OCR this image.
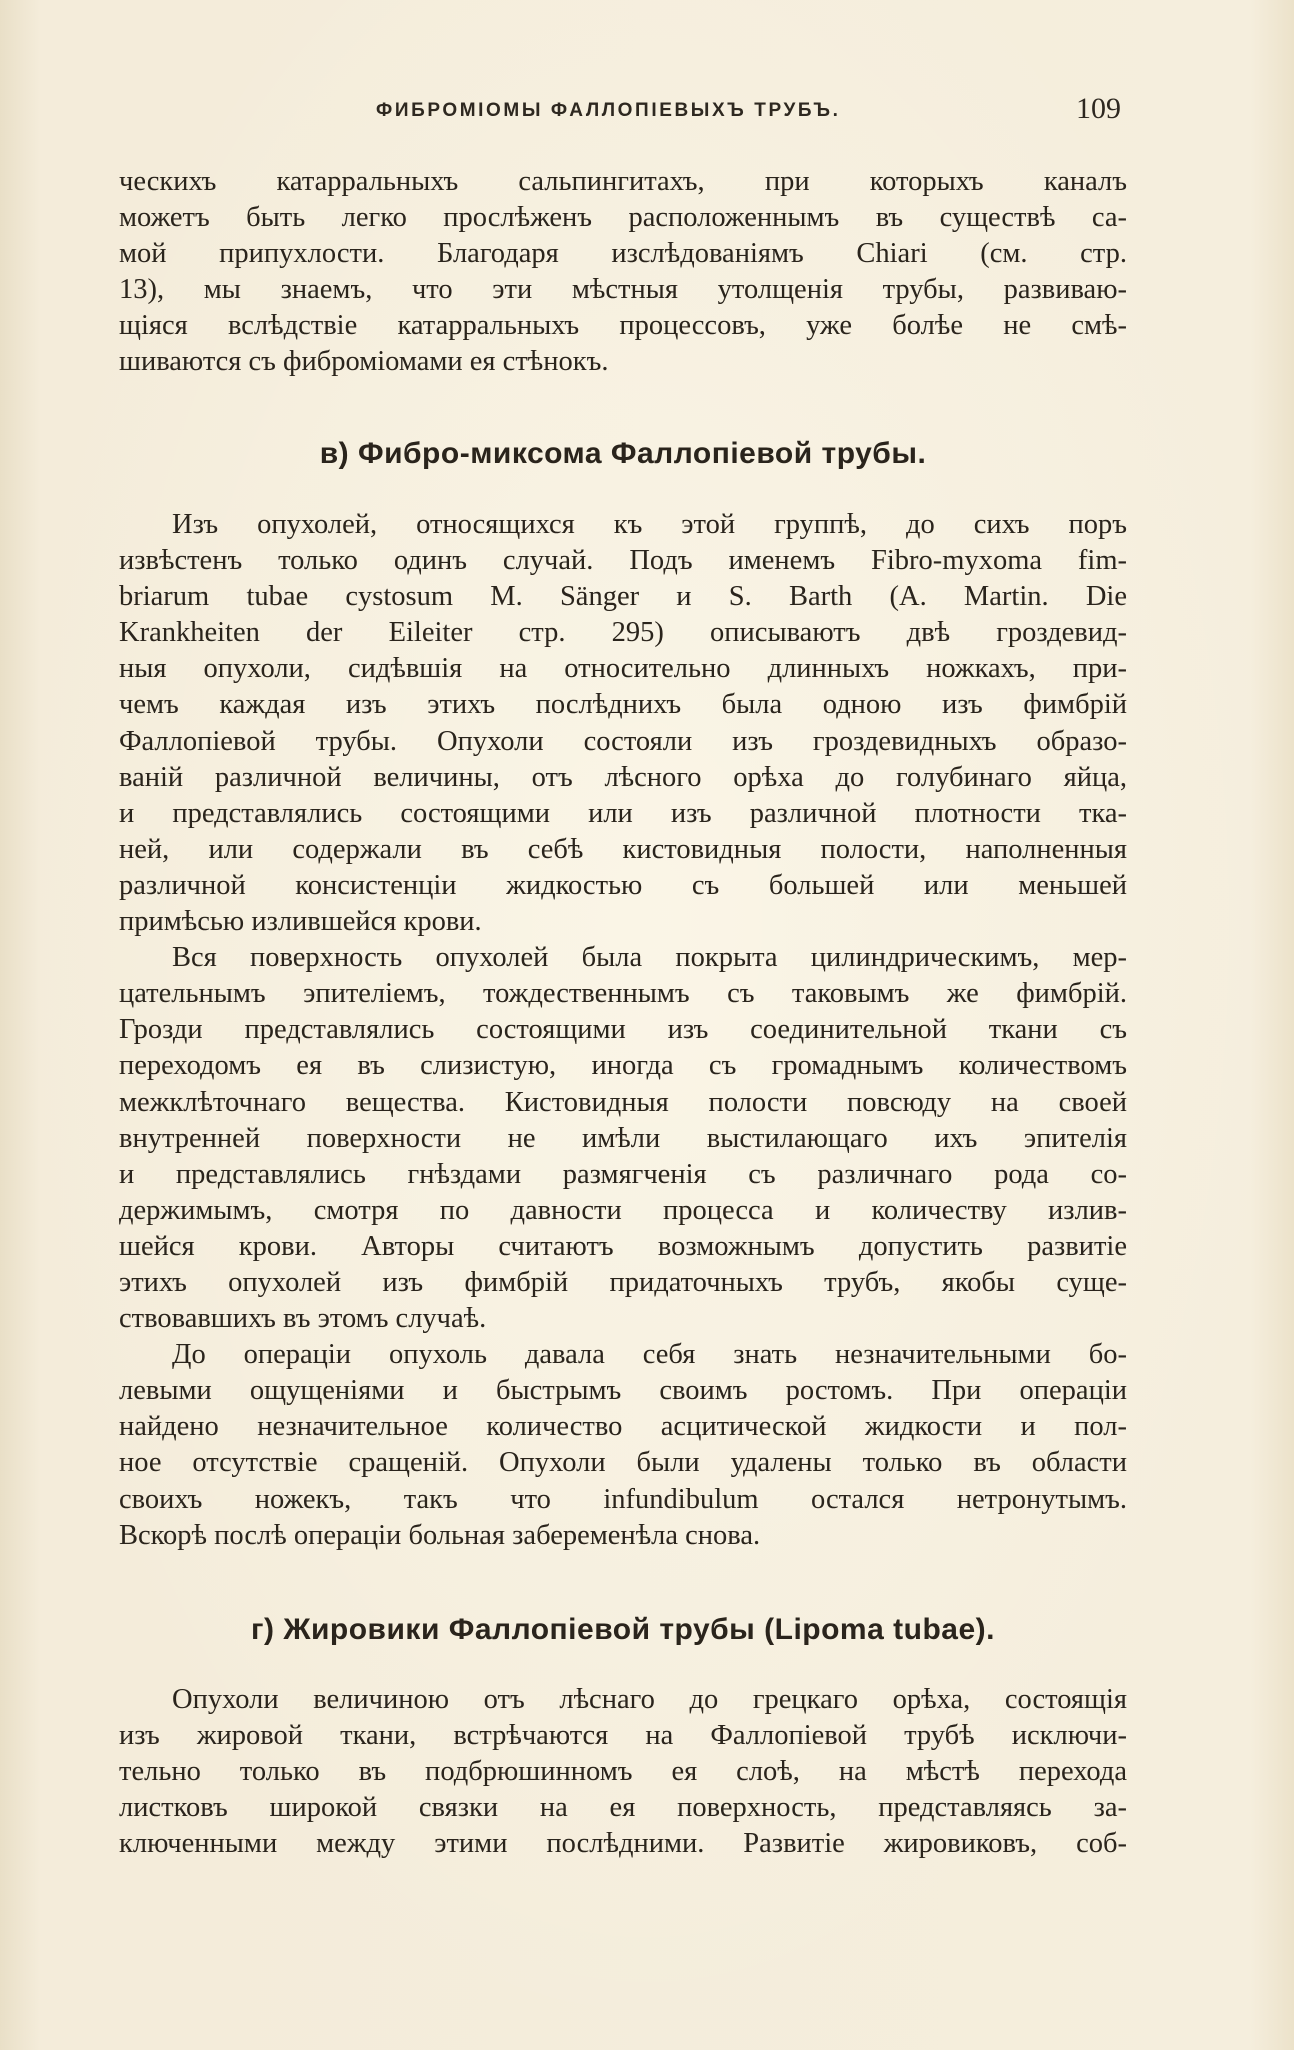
ФИБРОМIОМЫ ФАЛЛОПIЕВЫХЪ ТРУБЪ.	109
ческихъ катарральныхъ сальпингитахъ, при которыхъ каналъ
можетъ быть легко прослѣженъ расположеннымъ въ существѣ са-
мой припухлости. Благодаря изслѣдованiямъ Chiari (см. стр.
13), мы знаемъ, что эти мѣстныя утолщенiя трубы, развиваю-
щiяся вслѣдствiе катарральныхъ процессовъ, уже болѣе не смѣ-
шиваются съ фибромiомами ея стѣнокъ.
в) Фибро-миксома Фаллопiевой трубы.
Изъ опухолей, относящихся къ этой группѣ, до сихъ поръ
извѣстенъ только одинъ случай. Подъ именемъ Fibro-myxoma fim-
briarum tubae cystosum M. Sänger и S. Barth (A. Martin. Die
Krankheiten der Eileiter стр. 295) описываютъ двѣ гроздевид-
ныя опухоли, сидѣвшiя на относительно длинныхъ ножкахъ, при-
чемъ каждая изъ этихъ послѣднихъ была одною изъ фимбрiй
Фаллопiевой трубы. Опухоли состояли изъ гроздевидныхъ образо-
ванiй различной величины, отъ лѣсного орѣха до голубинаго яйца,
и представлялись состоящими или изъ различной плотности тка-
ней, или содержали въ себѣ кистовидныя полости, наполненныя
различной консистенцiи жидкостью съ большей или меньшей
примѣсью излившейся крови.
Вся поверхность опухолей была покрыта цилиндрическимъ, мер-
цательнымъ эпителiемъ, тождественнымъ съ таковымъ же фимбрiй.
Грозди представлялись состоящими изъ соединительной ткани съ
переходомъ ея въ слизистую, иногда съ громаднымъ количествомъ
межклѣточнаго вещества. Кистовидныя полости повсюду на своей
внутренней поверхности не имѣли выстилающаго ихъ эпителiя
и представлялись гнѣздами размягченiя съ различнаго рода со-
держимымъ, смотря по давности процесса и количеству излив-
шейся крови. Авторы считаютъ возможнымъ допустить развитiе
этихъ опухолей изъ фимбрiй придаточныхъ трубъ, якобы суще-
ствовавшихъ въ этомъ случаѣ.
До операцiи опухоль давала себя знать незначительными бо-
левыми ощущенiями и быстрымъ своимъ ростомъ. При операцiи
найдено незначительное количество асцитической жидкости и пол-
ное отсутствiе сращенiй. Опухоли были удалены только въ области
своихъ ножекъ, такъ что infundibulum остался нетронутымъ.
Вскорѣ послѣ операцiи больная забеременѣла снова.
г) Жировики Фаллопiевой трубы (Lipoma tubae).
Опухоли величиною отъ лѣснаго до грецкаго орѣха, состоящiя
изъ жировой ткани, встрѣчаются на Фаллопiевой трубѣ исключи-
тельно только въ подбрюшинномъ ея слоѣ, на мѣстѣ перехода
листковъ широкой связки на ея поверхность, представляясь за-
ключенными между этими послѣдними. Развитiе жировиковъ, соб-
